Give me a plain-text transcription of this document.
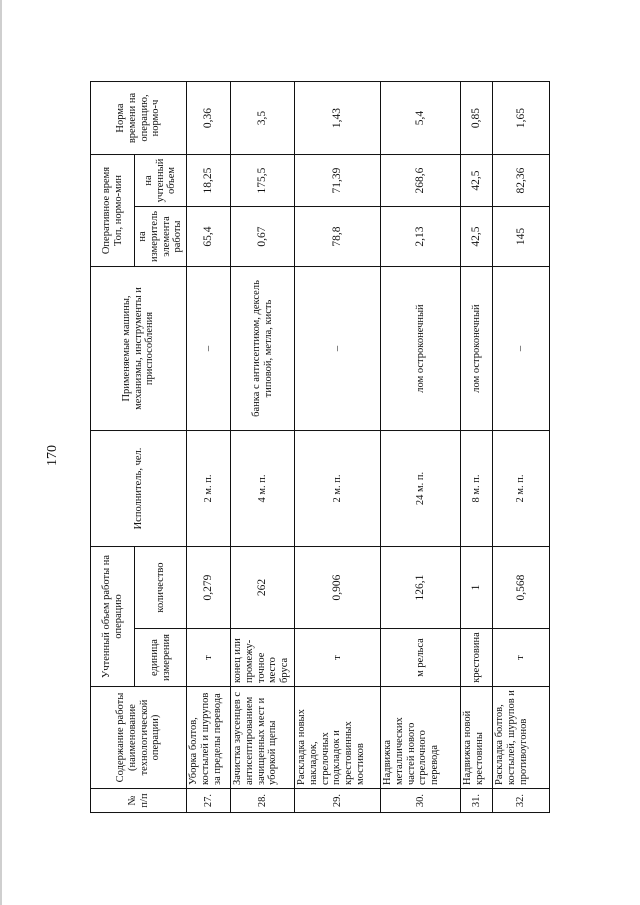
170
№ п/п	Содержание работы (наименование технологической операции)	Учтенный объем работы на операцию		Исполнитель, чел.	Применяемые машины, механизмы, инструменты и приспособления	Оперативное время Топ, нормо-мин		Норма времени на операцию, нормо-ч
		единица измерения	количество			на измеритель элемента работы	на учтенный объем	
27.	Уборка болтов, костылей и шурупов за пределы перевода	т	0,279	2 м. п.	–	65,4	18,25	0,36
28.	Зачистка заусенцев с антисептированием зачищенных мест и уборкой щепы	конец или промежу-точное место бруса	262	4 м. п.	банка с антисептиком, дексель типовой, метла, кисть	0,67	175,5	3,5
29.	Раскладка новых накладок, стрелочных подкладок и крестовинных мостиков	т	0,906	2 м. п.	–	78,8	71,39	1,43
30.	Надвижка металлических частей нового стрелочного перевода	м рельса	126,1	24 м. п.	лом остроконечный	2,13	268,6	5,4
31.	Надвижка новой крестовины	крестовина	1	8 м. п.	лом остроконечный	42,5	42,5	0,85
32.	Раскладка болтов, костылей, шурупов и противоугонов	т	0,568	2 м. п.	–	145	82,36	1,65
